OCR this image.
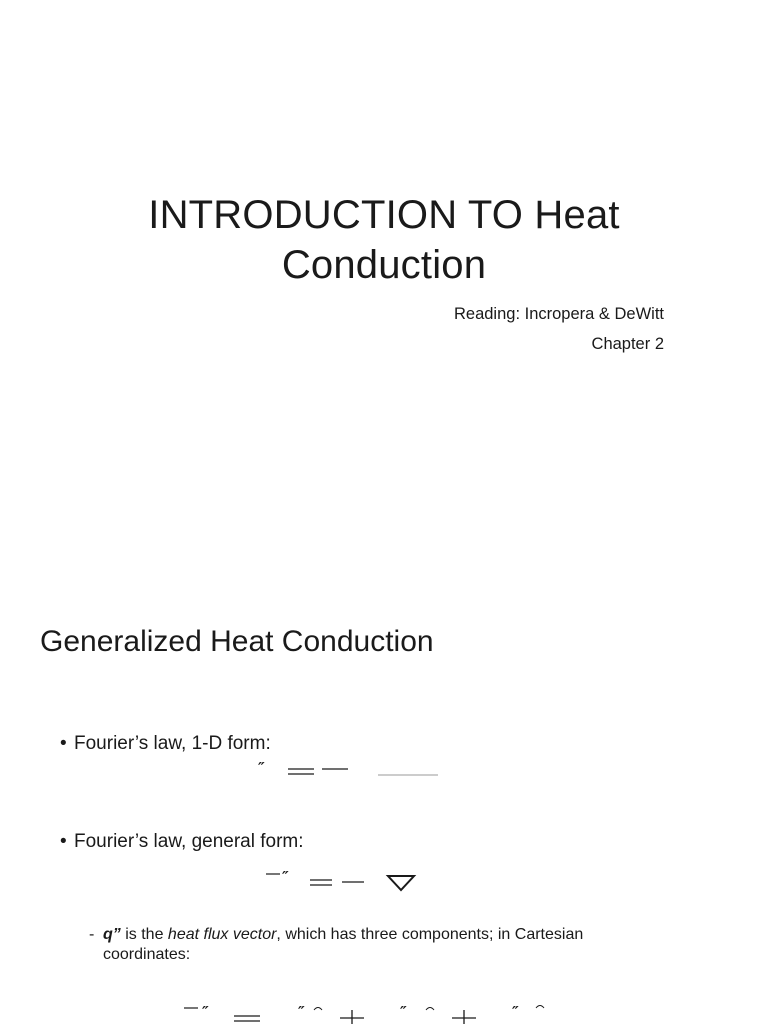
INTRODUCTION TO Heat
Conduction
Reading: Incropera & DeWitt
Chapter 2
Generalized Heat Conduction
• Fourier’s law, 1-D form:
″
• Fourier’s law, general form:
″
- q” is the heat flux vector, which has three components; in Cartesian
coordinates:
″	″	″	″
